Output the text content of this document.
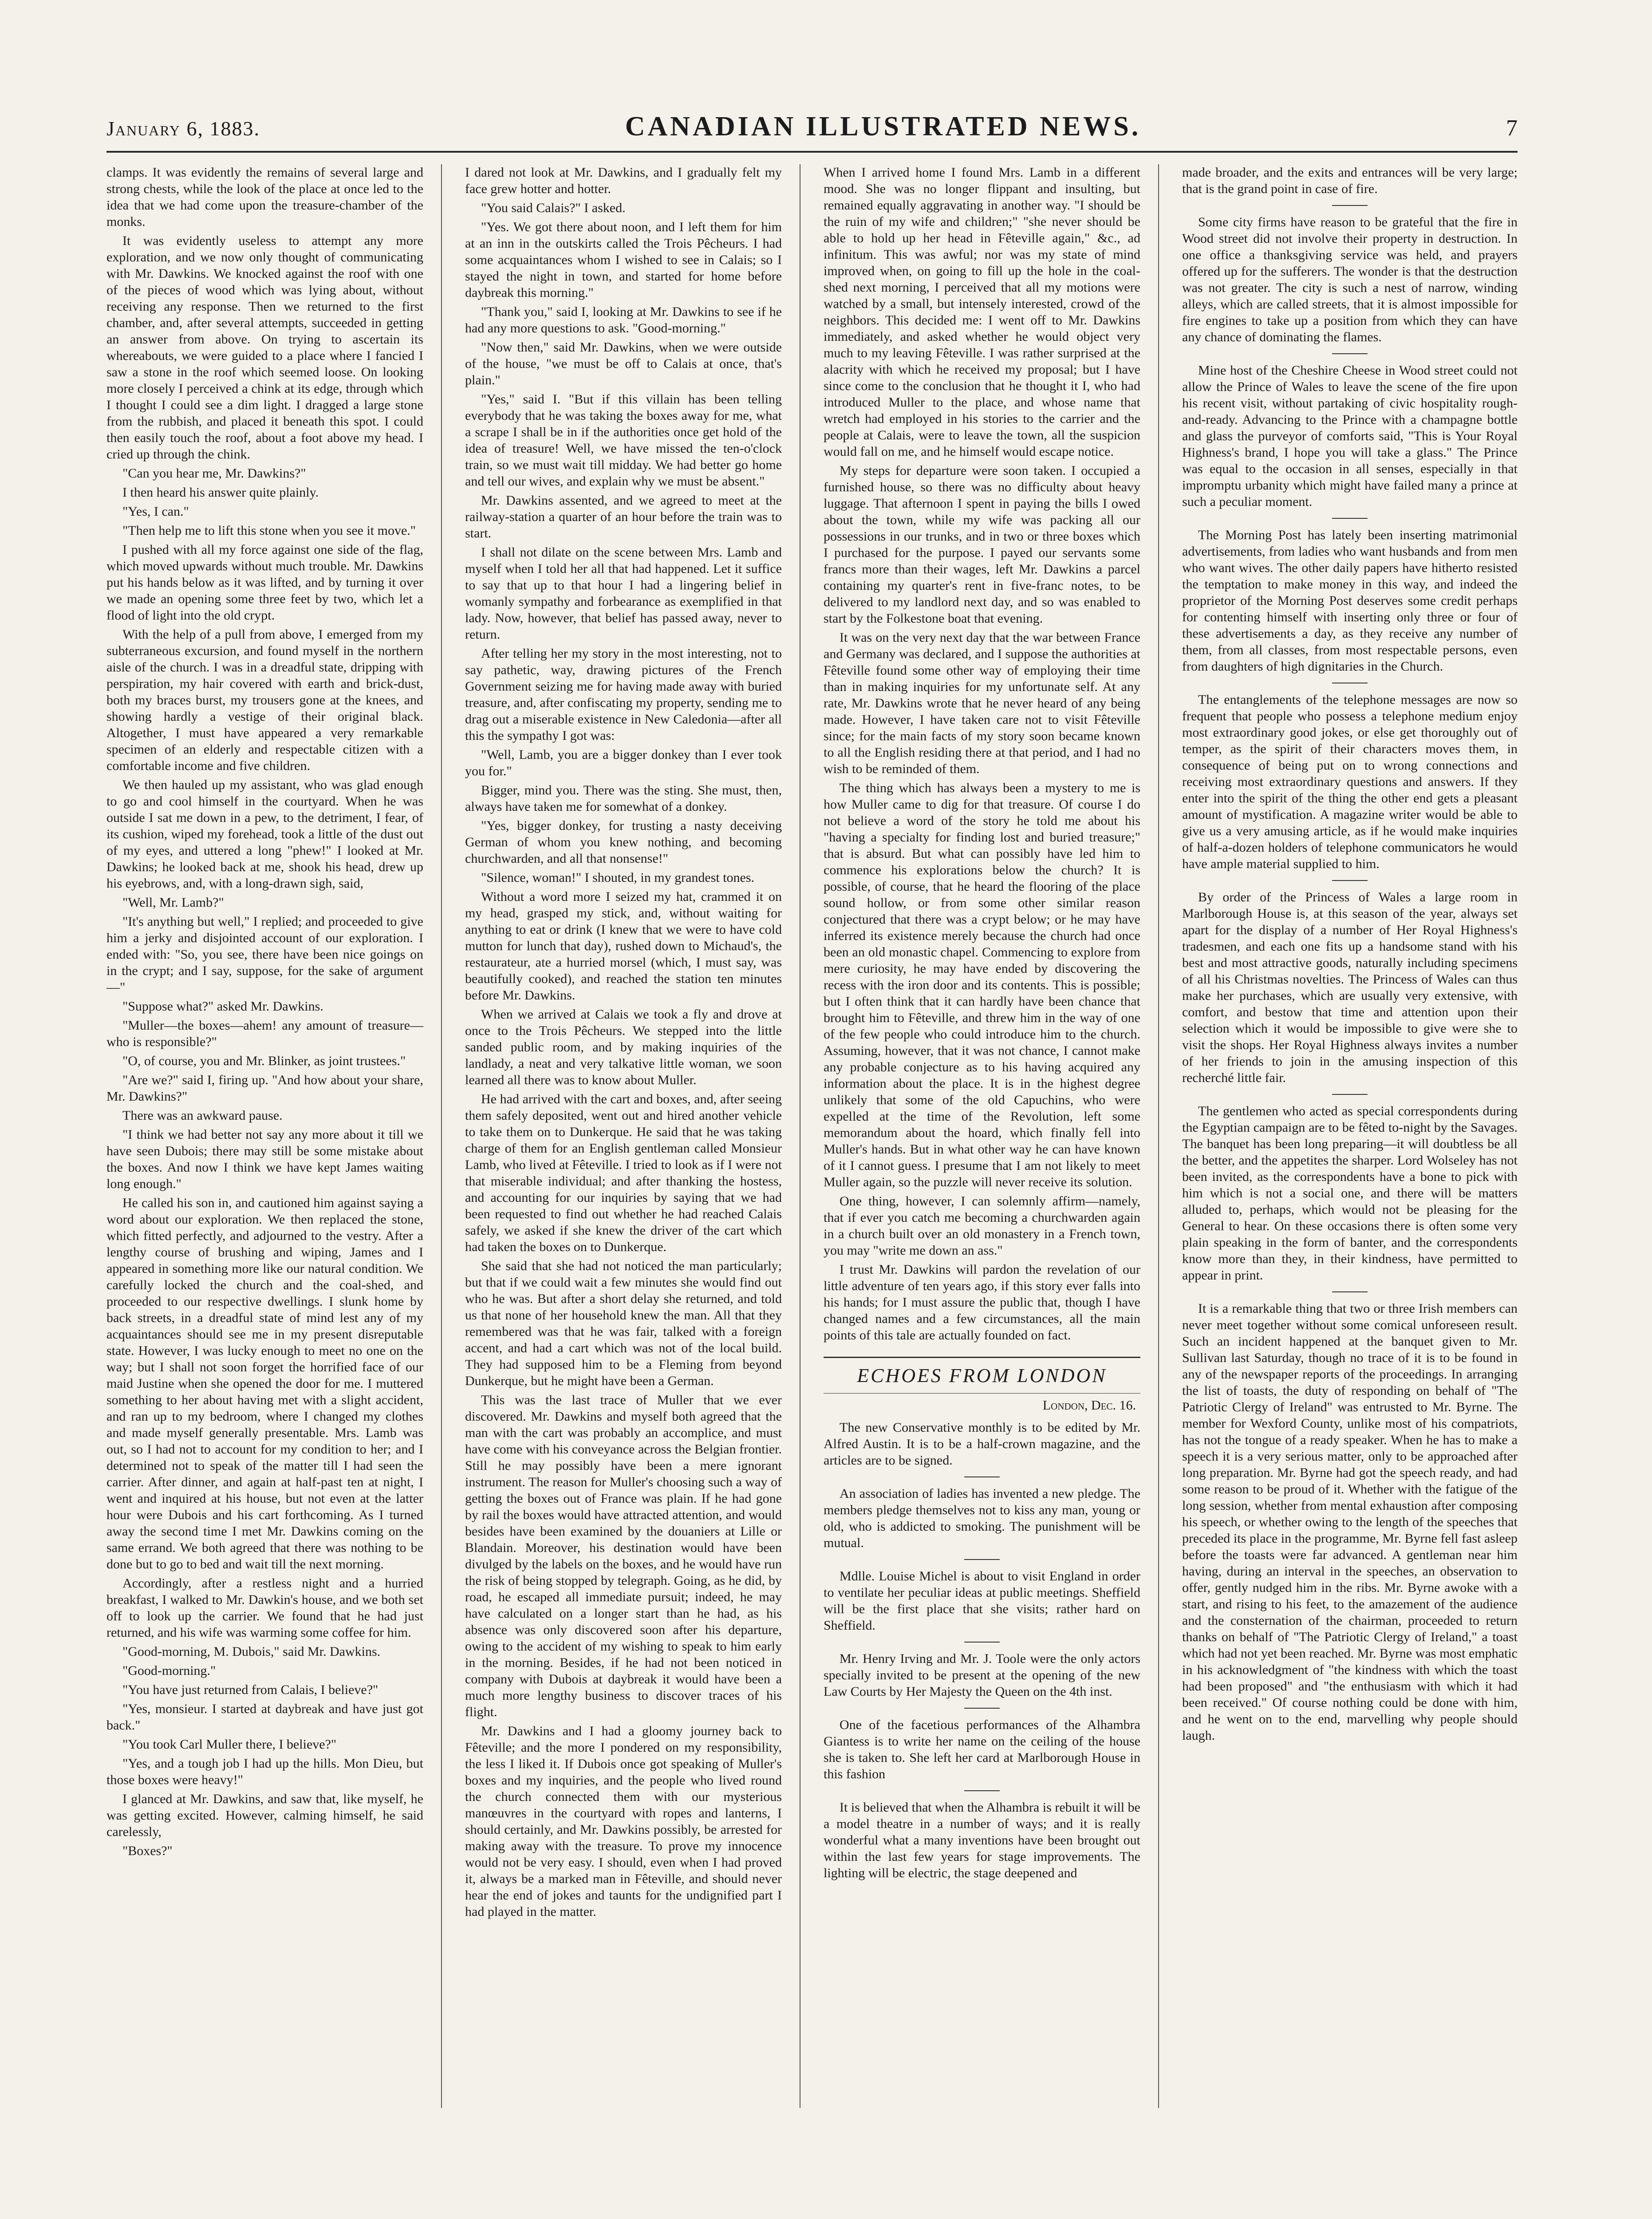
January 6, 1883.	CANADIAN ILLUSTRATED NEWS.	7

clamps. It was evidently the remains of several large and strong chests, while the look of the place at once led to the idea that we had come upon the treasure-chamber of the monks.

It was evidently useless to attempt any more exploration, and we now only thought of communicating with Mr. Dawkins. We knocked against the roof with one of the pieces of wood which was lying about, without receiving any response. Then we returned to the first chamber, and, after several attempts, succeeded in getting an answer from above. On trying to ascertain its whereabouts, we were guided to a place where I fancied I saw a stone in the roof which seemed loose. On looking more closely I perceived a chink at its edge, through which I thought I could see a dim light. I dragged a large stone from the rubbish, and placed it beneath this spot. I could then easily touch the roof, about a foot above my head. I cried up through the chink.

"Can you hear me, Mr. Dawkins?"

I then heard his answer quite plainly.

"Yes, I can."

"Then help me to lift this stone when you see it move."

I pushed with all my force against one side of the flag, which moved upwards without much trouble. Mr. Dawkins put his hands below as it was lifted, and by turning it over we made an opening some three feet by two, which let a flood of light into the old crypt.

With the help of a pull from above, I emerged from my subterraneous excursion, and found myself in the northern aisle of the church. I was in a dreadful state, dripping with perspiration, my hair covered with earth and brick-dust, both my braces burst, my trousers gone at the knees, and showing hardly a vestige of their original black. Altogether, I must have appeared a very remarkable specimen of an elderly and respectable citizen with a comfortable income and five children.

We then hauled up my assistant, who was glad enough to go and cool himself in the courtyard. When he was outside I sat me down in a pew, to the detriment, I fear, of its cushion, wiped my forehead, took a little of the dust out of my eyes, and uttered a long "phew!" I looked at Mr. Dawkins; he looked back at me, shook his head, drew up his eyebrows, and, with a long-drawn sigh, said,

"Well, Mr. Lamb?"

"It's anything but well," I replied; and proceeded to give him a jerky and disjointed account of our exploration. I ended with: "So, you see, there have been nice goings on in the crypt; and I say, suppose, for the sake of argument—"

"Suppose what?" asked Mr. Dawkins.

"Muller—the boxes—ahem! any amount of treasure—who is responsible?"

"O, of course, you and Mr. Blinker, as joint trustees."

"Are we?" said I, firing up. "And how about your share, Mr. Dawkins?"

There was an awkward pause.

"I think we had better not say any more about it till we have seen Dubois; there may still be some mistake about the boxes. And now I think we have kept James waiting long enough."

He called his son in, and cautioned him against saying a word about our exploration. We then replaced the stone, which fitted perfectly, and adjourned to the vestry. After a lengthy course of brushing and wiping, James and I appeared in something more like our natural condition. We carefully locked the church and the coal-shed, and proceeded to our respective dwellings. I slunk home by back streets, in a dreadful state of mind lest any of my acquaintances should see me in my present disreputable state. However, I was lucky enough to meet no one on the way; but I shall not soon forget the horrified face of our maid Justine when she opened the door for me. I muttered something to her about having met with a slight accident, and ran up to my bedroom, where I changed my clothes and made myself generally presentable. Mrs. Lamb was out, so I had not to account for my condition to her; and I determined not to speak of the matter till I had seen the carrier. After dinner, and again at half-past ten at night, I went and inquired at his house, but not even at the latter hour were Dubois and his cart forthcoming. As I turned away the second time I met Mr. Dawkins coming on the same errand. We both agreed that there was nothing to be done but to go to bed and wait till the next morning.

Accordingly, after a restless night and a hurried breakfast, I walked to Mr. Dawkin's house, and we both set off to look up the carrier. We found that he had just returned, and his wife was warming some coffee for him.

"Good-morning, M. Dubois," said Mr. Dawkins.

"Good-morning."

"You have just returned from Calais, I believe?"

"Yes, monsieur. I started at daybreak and have just got back."

"You took Carl Muller there, I believe?"

"Yes, and a tough job I had up the hills. Mon Dieu, but those boxes were heavy!"

I glanced at Mr. Dawkins, and saw that, like myself, he was getting excited. However, calming himself, he said carelessly,

"Boxes?"

I dared not look at Mr. Dawkins, and I gradually felt my face grew hotter and hotter.

"You said Calais?" I asked.

"Yes. We got there about noon, and I left them for him at an inn in the outskirts called the Trois Pêcheurs. I had some acquaintances whom I wished to see in Calais; so I stayed the night in town, and started for home before daybreak this morning."

"Thank you," said I, looking at Mr. Dawkins to see if he had any more questions to ask. "Good-morning."

"Now then," said Mr. Dawkins, when we were outside of the house, "we must be off to Calais at once, that's plain."

"Yes," said I. "But if this villain has been telling everybody that he was taking the boxes away for me, what a scrape I shall be in if the authorities once get hold of the idea of treasure! Well, we have missed the ten-o'clock train, so we must wait till midday. We had better go home and tell our wives, and explain why we must be absent."

Mr. Dawkins assented, and we agreed to meet at the railway-station a quarter of an hour before the train was to start.

I shall not dilate on the scene between Mrs. Lamb and myself when I told her all that had happened. Let it suffice to say that up to that hour I had a lingering belief in womanly sympathy and forbearance as exemplified in that lady. Now, however, that belief has passed away, never to return.

After telling her my story in the most interesting, not to say pathetic, way, drawing pictures of the French Government seizing me for having made away with buried treasure, and, after confiscating my property, sending me to drag out a miserable existence in New Caledonia—after all this the sympathy I got was:

"Well, Lamb, you are a bigger donkey than I ever took you for."

Bigger, mind you. There was the sting. She must, then, always have taken me for somewhat of a donkey.

"Yes, bigger donkey, for trusting a nasty deceiving German of whom you knew nothing, and becoming churchwarden, and all that nonsense!"

"Silence, woman!" I shouted, in my grandest tones.

Without a word more I seized my hat, crammed it on my head, grasped my stick, and, without waiting for anything to eat or drink (I knew that we were to have cold mutton for lunch that day), rushed down to Michaud's, the restaurateur, ate a hurried morsel (which, I must say, was beautifully cooked), and reached the station ten minutes before Mr. Dawkins.

When we arrived at Calais we took a fly and drove at once to the Trois Pêcheurs. We stepped into the little sanded public room, and by making inquiries of the landlady, a neat and very talkative little woman, we soon learned all there was to know about Muller.

He had arrived with the cart and boxes, and, after seeing them safely deposited, went out and hired another vehicle to take them on to Dunkerque. He said that he was taking charge of them for an English gentleman called Monsieur Lamb, who lived at Fêteville. I tried to look as if I were not that miserable individual; and after thanking the hostess, and accounting for our inquiries by saying that we had been requested to find out whether he had reached Calais safely, we asked if she knew the driver of the cart which had taken the boxes on to Dunkerque.

She said that she had not noticed the man particularly; but that if we could wait a few minutes she would find out who he was. But after a short delay she returned, and told us that none of her household knew the man. All that they remembered was that he was fair, talked with a foreign accent, and had a cart which was not of the local build. They had supposed him to be a Fleming from beyond Dunkerque, but he might have been a German.

This was the last trace of Muller that we ever discovered. Mr. Dawkins and myself both agreed that the man with the cart was probably an accomplice, and must have come with his conveyance across the Belgian frontier. Still he may possibly have been a mere ignorant instrument. The reason for Muller's choosing such a way of getting the boxes out of France was plain. If he had gone by rail the boxes would have attracted attention, and would besides have been examined by the douaniers at Lille or Blandain. Moreover, his destination would have been divulged by the labels on the boxes, and he would have run the risk of being stopped by telegraph. Going, as he did, by road, he escaped all immediate pursuit; indeed, he may have calculated on a longer start than he had, as his absence was only discovered soon after his departure, owing to the accident of my wishing to speak to him early in the morning. Besides, if he had not been noticed in company with Dubois at daybreak it would have been a much more lengthy business to discover traces of his flight.

Mr. Dawkins and I had a gloomy journey back to Fêteville; and the more I pondered on my responsibility, the less I liked it. If Dubois once got speaking of Muller's boxes and my inquiries, and the people who lived round the church connected them with our mysterious manœuvres in the courtyard with ropes and lanterns, I should certainly, and Mr. Dawkins possibly, be arrested for making away with the treasure. To prove my innocence would not be very easy. I should, even when I had proved it, always be a marked man in Fêteville, and should never hear the end of jokes and taunts for the undignified part I had played in the matter.

When I arrived home I found Mrs. Lamb in a different mood. She was no longer flippant and insulting, but remained equally aggravating in another way. "I should be the ruin of my wife and children;" "she never should be able to hold up her head in Fêteville again," &c., ad infinitum. This was awful; nor was my state of mind improved when, on going to fill up the hole in the coal-shed next morning, I perceived that all my motions were watched by a small, but intensely interested, crowd of the neighbors. This decided me: I went off to Mr. Dawkins immediately, and asked whether he would object very much to my leaving Fêteville. I was rather surprised at the alacrity with which he received my proposal; but I have since come to the conclusion that he thought it I, who had introduced Muller to the place, and whose name that wretch had employed in his stories to the carrier and the people at Calais, were to leave the town, all the suspicion would fall on me, and he himself would escape notice.

My steps for departure were soon taken. I occupied a furnished house, so there was no difficulty about heavy luggage. That afternoon I spent in paying the bills I owed about the town, while my wife was packing all our possessions in our trunks, and in two or three boxes which I purchased for the purpose. I payed our servants some francs more than their wages, left Mr. Dawkins a parcel containing my quarter's rent in five-franc notes, to be delivered to my landlord next day, and so was enabled to start by the Folkestone boat that evening.

It was on the very next day that the war between France and Germany was declared, and I suppose the authorities at Fêteville found some other way of employing their time than in making inquiries for my unfortunate self. At any rate, Mr. Dawkins wrote that he never heard of any being made. However, I have taken care not to visit Fêteville since; for the main facts of my story soon became known to all the English residing there at that period, and I had no wish to be reminded of them.

The thing which has always been a mystery to me is how Muller came to dig for that treasure. Of course I do not believe a word of the story he told me about his "having a specialty for finding lost and buried treasure;" that is absurd. But what can possibly have led him to commence his explorations below the church? It is possible, of course, that he heard the flooring of the place sound hollow, or from some other similar reason conjectured that there was a crypt below; or he may have inferred its existence merely because the church had once been an old monastic chapel. Commencing to explore from mere curiosity, he may have ended by discovering the recess with the iron door and its contents. This is possible; but I often think that it can hardly have been chance that brought him to Fêteville, and threw him in the way of one of the few people who could introduce him to the church. Assuming, however, that it was not chance, I cannot make any probable conjecture as to his having acquired any information about the place. It is in the highest degree unlikely that some of the old Capuchins, who were expelled at the time of the Revolution, left some memorandum about the hoard, which finally fell into Muller's hands. But in what other way he can have known of it I cannot guess. I presume that I am not likely to meet Muller again, so the puzzle will never receive its solution.

One thing, however, I can solemnly affirm—namely, that if ever you catch me becoming a churchwarden again in a church built over an old monastery in a French town, you may "write me down an ass."

I trust Mr. Dawkins will pardon the revelation of our little adventure of ten years ago, if this story ever falls into his hands; for I must assure the public that, though I have changed names and a few circumstances, all the main points of this tale are actually founded on fact.

ECHOES FROM LONDON
London, Dec. 16.

The new Conservative monthly is to be edited by Mr. Alfred Austin. It is to be a half-crown magazine, and the articles are to be signed.

An association of ladies has invented a new pledge. The members pledge themselves not to kiss any man, young or old, who is addicted to smoking. The punishment will be mutual.

Mdlle. Louise Michel is about to visit England in order to ventilate her peculiar ideas at public meetings. Sheffield will be the first place that she visits; rather hard on Sheffield.

Mr. Henry Irving and Mr. J. Toole were the only actors specially invited to be present at the opening of the new Law Courts by Her Majesty the Queen on the 4th inst.

One of the facetious performances of the Alhambra Giantess is to write her name on the ceiling of the house she is taken to. She left her card at Marlborough House in this fashion

It is believed that when the Alhambra is rebuilt it will be a model theatre in a number of ways; and it is really wonderful what a many inventions have been brought out within the last few years for stage improvements. The lighting will be electric, the stage deepened and

made broader, and the exits and entrances will be very large; that is the grand point in case of fire.

Some city firms have reason to be grateful that the fire in Wood street did not involve their property in destruction. In one office a thanksgiving service was held, and prayers offered up for the sufferers. The wonder is that the destruction was not greater. The city is such a nest of narrow, winding alleys, which are called streets, that it is almost impossible for fire engines to take up a position from which they can have any chance of dominating the flames.

Mine host of the Cheshire Cheese in Wood street could not allow the Prince of Wales to leave the scene of the fire upon his recent visit, without partaking of civic hospitality rough-and-ready. Advancing to the Prince with a champagne bottle and glass the purveyor of comforts said, "This is Your Royal Highness's brand, I hope you will take a glass." The Prince was equal to the occasion in all senses, especially in that impromptu urbanity which might have failed many a prince at such a peculiar moment.

The Morning Post has lately been inserting matrimonial advertisements, from ladies who want husbands and from men who want wives. The other daily papers have hitherto resisted the temptation to make money in this way, and indeed the proprietor of the Morning Post deserves some credit perhaps for contenting himself with inserting only three or four of these advertisements a day, as they receive any number of them, from all classes, from most respectable persons, even from daughters of high dignitaries in the Church.

The entanglements of the telephone messages are now so frequent that people who possess a telephone medium enjoy most extraordinary good jokes, or else get thoroughly out of temper, as the spirit of their characters moves them, in consequence of being put on to wrong connections and receiving most extraordinary questions and answers. If they enter into the spirit of the thing the other end gets a pleasant amount of mystification. A magazine writer would be able to give us a very amusing article, as if he would make inquiries of half-a-dozen holders of telephone communicators he would have ample material supplied to him.

By order of the Princess of Wales a large room in Marlborough House is, at this season of the year, always set apart for the display of a number of Her Royal Highness's tradesmen, and each one fits up a handsome stand with his best and most attractive goods, naturally including specimens of all his Christmas novelties. The Princess of Wales can thus make her purchases, which are usually very extensive, with comfort, and bestow that time and attention upon their selection which it would be impossible to give were she to visit the shops. Her Royal Highness always invites a number of her friends to join in the amusing inspection of this recherché little fair.

The gentlemen who acted as special correspondents during the Egyptian campaign are to be fêted to-night by the Savages. The banquet has been long preparing—it will doubtless be all the better, and the appetites the sharper. Lord Wolseley has not been invited, as the correspondents have a bone to pick with him which is not a social one, and there will be matters alluded to, perhaps, which would not be pleasing for the General to hear. On these occasions there is often some very plain speaking in the form of banter, and the correspondents know more than they, in their kindness, have permitted to appear in print.

It is a remarkable thing that two or three Irish members can never meet together without some comical unforeseen result. Such an incident happened at the banquet given to Mr. Sullivan last Saturday, though no trace of it is to be found in any of the newspaper reports of the proceedings. In arranging the list of toasts, the duty of responding on behalf of "The Patriotic Clergy of Ireland" was entrusted to Mr. Byrne. The member for Wexford County, unlike most of his compatriots, has not the tongue of a ready speaker. When he has to make a speech it is a very serious matter, only to be approached after long preparation. Mr. Byrne had got the speech ready, and had some reason to be proud of it. Whether with the fatigue of the long session, whether from mental exhaustion after composing his speech, or whether owing to the length of the speeches that preceded its place in the programme, Mr. Byrne fell fast asleep before the toasts were far advanced. A gentleman near him having, during an interval in the speeches, an observation to offer, gently nudged him in the ribs. Mr. Byrne awoke with a start, and rising to his feet, to the amazement of the audience and the consternation of the chairman, proceeded to return thanks on behalf of "The Patriotic Clergy of Ireland," a toast which had not yet been reached. Mr. Byrne was most emphatic in his acknowledgment of "the kindness with which the toast had been proposed" and "the enthusiasm with which it had been received." Of course nothing could be done with him, and he went on to the end, marvelling why people should laugh.
